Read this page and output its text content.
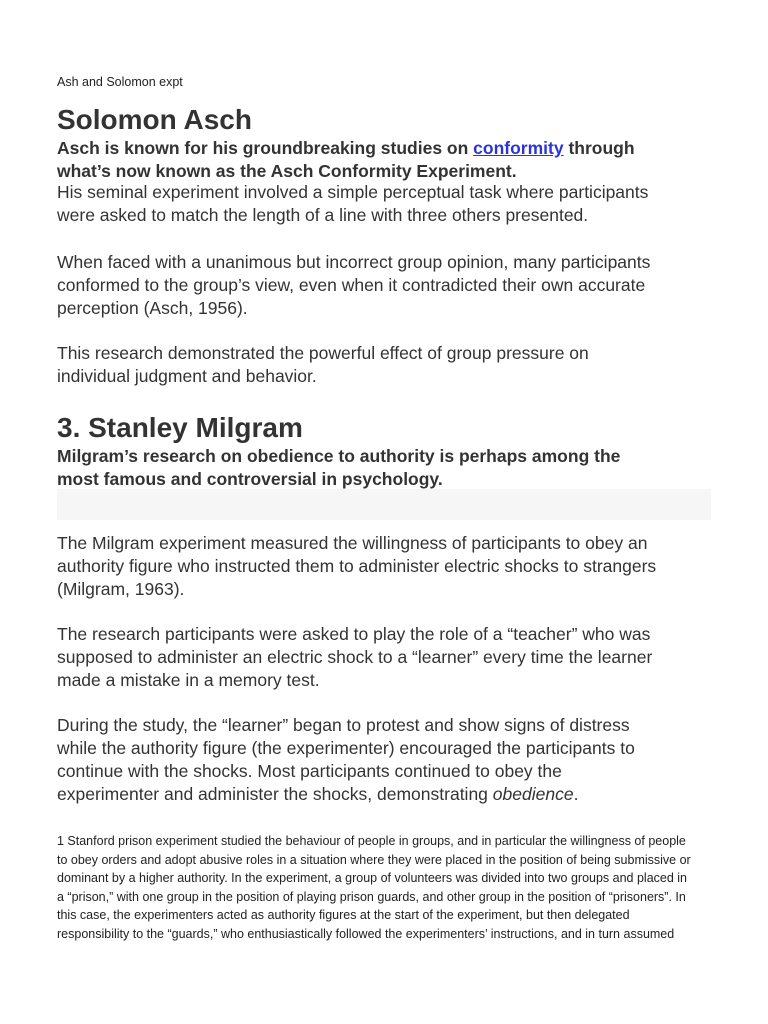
Ash and Solomon expt
Solomon Asch
Asch is known for his groundbreaking studies on conformity through
what’s now known as the Asch Conformity Experiment.
His seminal experiment involved a simple perceptual task where participants
were asked to match the length of a line with three others presented.
When faced with a unanimous but incorrect group opinion, many participants
conformed to the group’s view, even when it contradicted their own accurate
perception (Asch, 1956).
This research demonstrated the powerful effect of group pressure on
individual judgment and behavior.
3. Stanley Milgram
Milgram’s research on obedience to authority is perhaps among the
most famous and controversial in psychology.
The Milgram experiment measured the willingness of participants to obey an
authority figure who instructed them to administer electric shocks to strangers
(Milgram, 1963).
The research participants were asked to play the role of a “teacher” who was
supposed to administer an electric shock to a “learner” every time the learner
made a mistake in a memory test.
During the study, the “learner” began to protest and show signs of distress
while the authority figure (the experimenter) encouraged the participants to
continue with the shocks. Most participants continued to obey the
experimenter and administer the shocks, demonstrating obedience.
1 Stanford prison experiment studied the behaviour of people in groups, and in particular the willingness of people
to obey orders and adopt abusive roles in a situation where they were placed in the position of being submissive or
dominant by a higher authority. In the experiment, a group of volunteers was divided into two groups and placed in
a “prison,” with one group in the position of playing prison guards, and other group in the position of “prisoners”. In
this case, the experimenters acted as authority figures at the start of the experiment, but then delegated
responsibility to the “guards,” who enthusiastically followed the experimenters’ instructions, and in turn assumed
